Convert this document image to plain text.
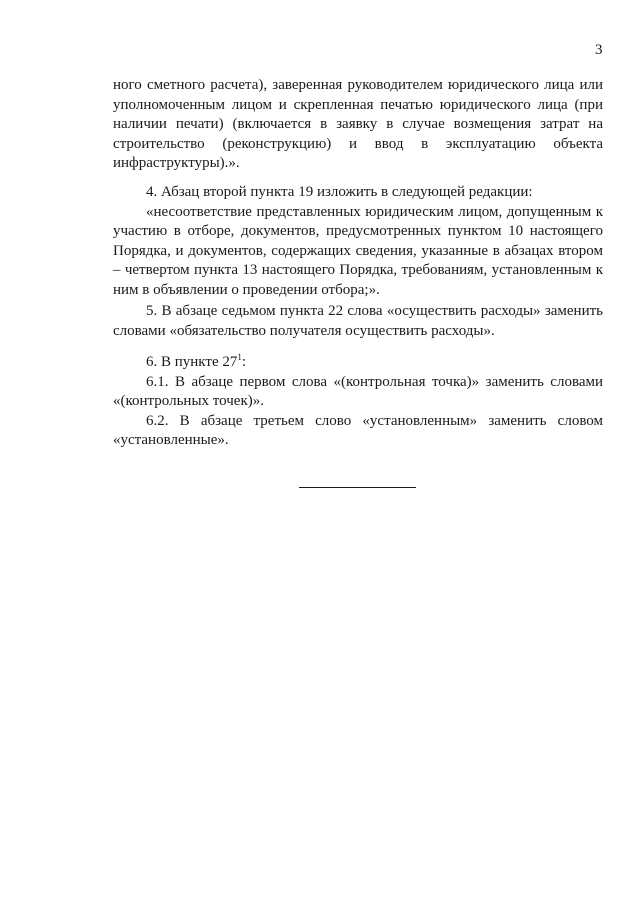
3

ного сметного расчета), заверенная руководителем юридического лица или уполномоченным лицом и скрепленная печатью юридического лица (при наличии печати) (включается в заявку в случае возмещения затрат на строительство (реконструкцию) и ввод в эксплуатацию объекта инфраструктуры).».

4. Абзац второй пункта 19 изложить в следующей редакции:

«несоответствие представленных юридическим лицом, допущенным к участию в отборе, документов, предусмотренных пунктом 10 настоящего Порядка, и документов, содержащих сведения, указанные в абзацах втором – четвертом пункта 13 настоящего Порядка, требованиям, установленным к ним в объявлении о проведении отбора;».

5. В абзаце седьмом пункта 22 слова «осуществить расходы» заменить словами «обязательство получателя осуществить расходы».

6. В пункте $27^1$:

6.1. В абзаце первом слова «(контрольная точка)» заменить словами «(контрольных точек)».

6.2. В абзаце третьем слово «установленным» заменить словом «установленные».
